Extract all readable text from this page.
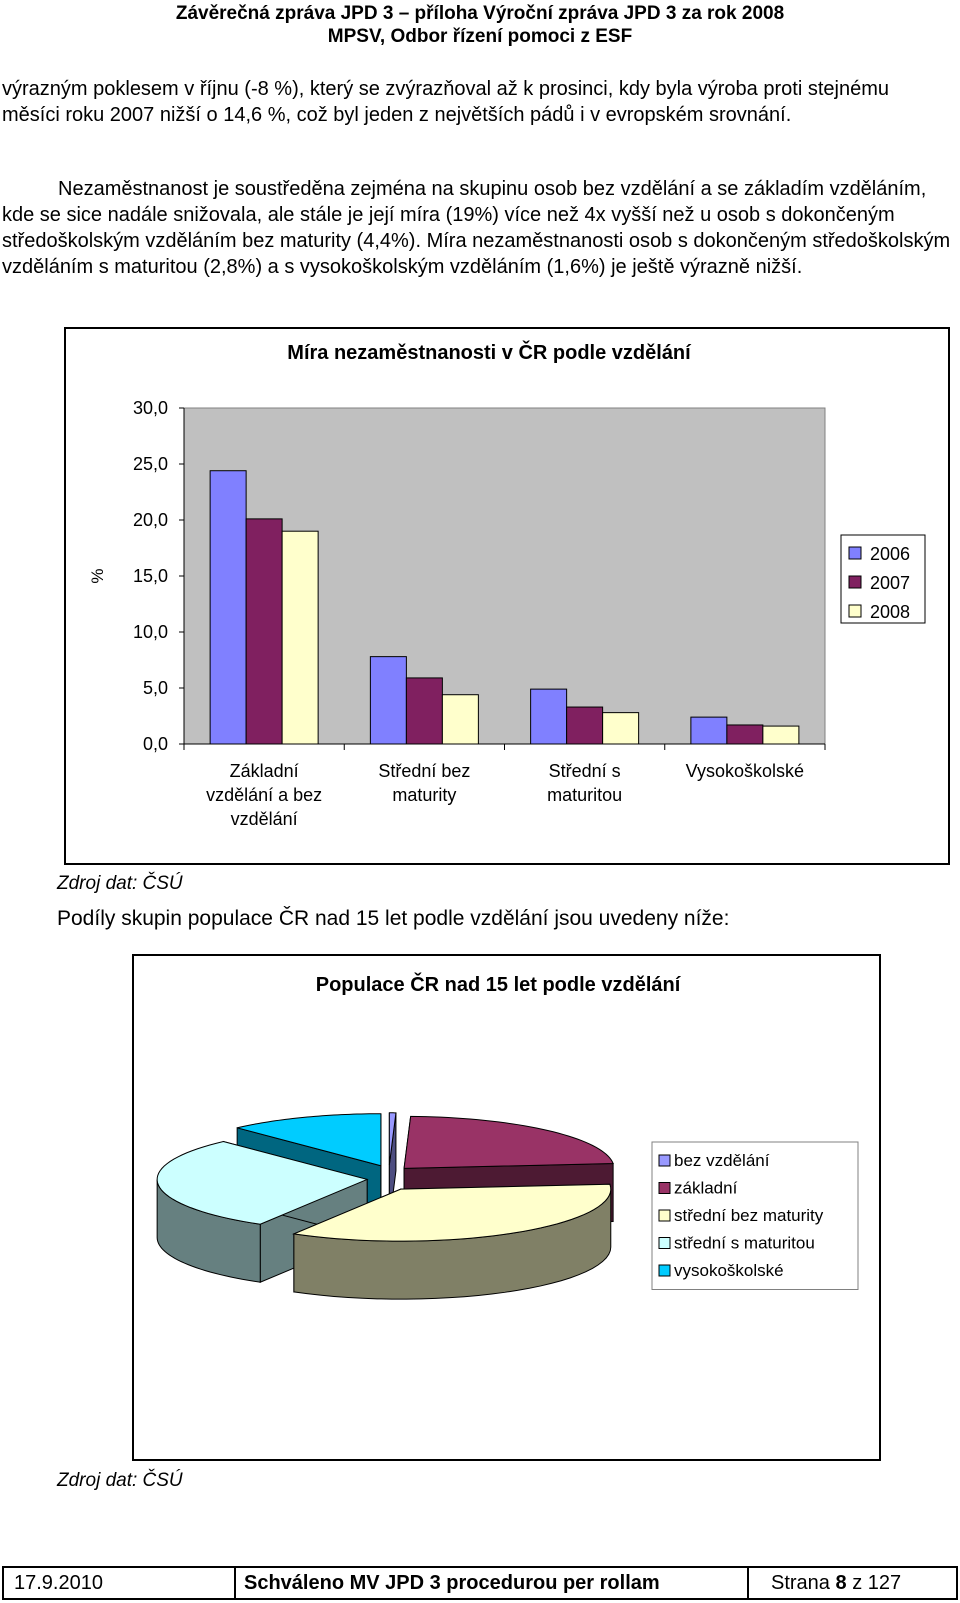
Závěrečná zpráva JPD 3 – příloha Výroční zpráva JPD 3 za rok 2008
MPSV, Odbor řízení pomoci z ESF
výrazným poklesem v říjnu (-8 %), který se zvýrazňoval až k prosinci, kdy byla výroba proti stejnému měsíci roku 2007 nižší o 14,6 %, což byl jeden z největších pádů i v evropském srovnání.
Nezaměstnanost je soustředěna zejména na skupinu osob bez vzdělání a se základím vzděláním, kde se sice nadále snižovala, ale stále je její míra (19%) více než 4x vyšší než u osob s dokončeným středoškolským vzděláním bez maturity (4,4%). Míra nezaměstnanosti osob s dokončeným středoškolským vzděláním s maturitou (2,8%) a s vysokoškolským vzděláním (1,6%) je ještě výrazně nižší.
Míra nezaměstnanosti v ČR podle vzdělání
0,0
5,0
10,0
15,0
20,0
25,0
30,0
%
Základní vzdělání a bez vzdělání
Střední bez maturity
Střední s maturitou
Vysokoškolské
2006
2007
2008
Zdroj dat: ČSÚ
Podíly skupin populace ČR nad 15 let podle vzdělání jsou uvedeny níže:
Populace ČR nad 15 let podle vzdělání
bez vzdělání
základní
střední bez maturity
střední s maturitou
vysokoškolské
Zdroj dat: ČSÚ
17.9.2010	Schváleno MV JPD 3 procedurou per rollam	Strana 8 z 127
